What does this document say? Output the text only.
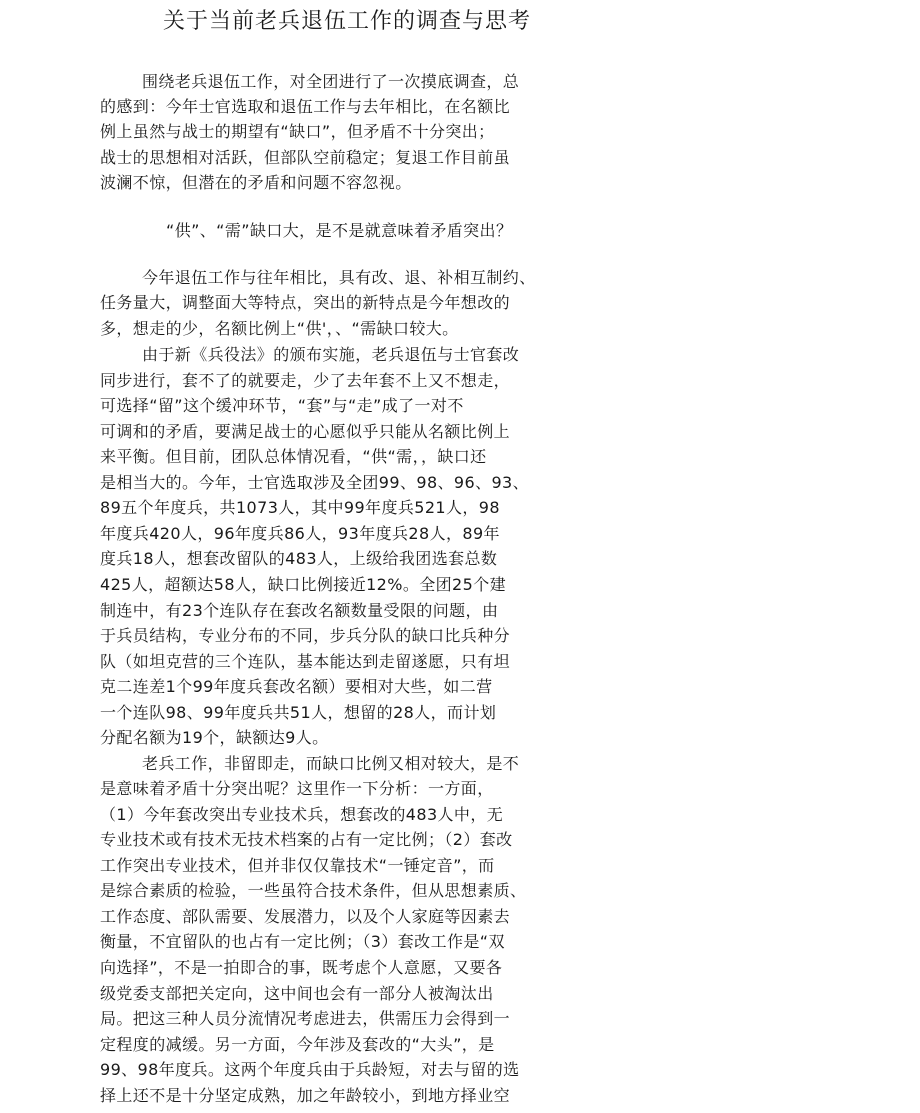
关于当前老兵退伍工作的调查与思考
围绕老兵退伍工作，对全团进行了一次摸底调查，总
的感到：今年士官选取和退伍工作与去年相比，在名额比
例上虽然与战士的期望有“缺口”，但矛盾不十分突出；
战士的思想相对活跃，但部队空前稳定；复退工作目前虽
波澜不惊，但潜在的矛盾和问题不容忽视。
“供”、“需”缺口大，是不是就意味着矛盾突出？
今年退伍工作与往年相比，具有改、退、补相互制约、
任务量大，调整面大等特点，突出的新特点是今年想改的
多，想走的少，名额比例上“供'，、“需缺口较大。
由于新《兵役法》的颁布实施，老兵退伍与士官套改
同步进行，套不了的就要走，少了去年套不上又不想走，
可选择“留”这个缓冲环节，“套”与“走”成了一对不
可调和的矛盾，要满足战士的心愿似乎只能从名额比例上
来平衡。但目前，团队总体情况看，“供“需，，缺口还
是相当大的。今年，士官选取涉及全团99、98、96、93、
89五个年度兵，共1073人，其中99年度兵521人，98
年度兵420人，96年度兵86人，93年度兵28人，89年
度兵18人，想套改留队的483人，上级给我团选套总数
425人，超额达58人，缺口比例接近12%。全团25个建
制连中，有23个连队存在套改名额数量受限的问题，由
于兵员结构，专业分布的不同，步兵分队的缺口比兵种分
队（如坦克营的三个连队，基本能达到走留遂愿，只有坦
克二连差1个99年度兵套改名额）要相对大些，如二营
一个连队98、99年度兵共51人，想留的28人，而计划
分配名额为19个，缺额达9人。
老兵工作，非留即走，而缺口比例又相对较大，是不
是意味着矛盾十分突出呢？这里作一下分析：一方面，
（1）今年套改突出专业技术兵，想套改的483人中，无
专业技术或有技术无技术档案的占有一定比例；（2）套改
工作突出专业技术，但并非仅仅靠技术“一锤定音”，而
是综合素质的检验，一些虽符合技术条件，但从思想素质、
工作态度、部队需要、发展潜力，以及个人家庭等因素去
衡量，不宜留队的也占有一定比例；（3）套改工作是“双
向选择”，不是一拍即合的事，既考虑个人意愿，又要各
级党委支部把关定向，这中间也会有一部分人被淘汰出
局。把这三种人员分流情况考虑进去，供需压力会得到一
定程度的减缓。另一方面，今年涉及套改的“大头”，是
99、98年度兵。这两个年度兵由于兵龄短，对去与留的选
择上还不是十分坚定成熟，加之年龄较小，到地方择业空
